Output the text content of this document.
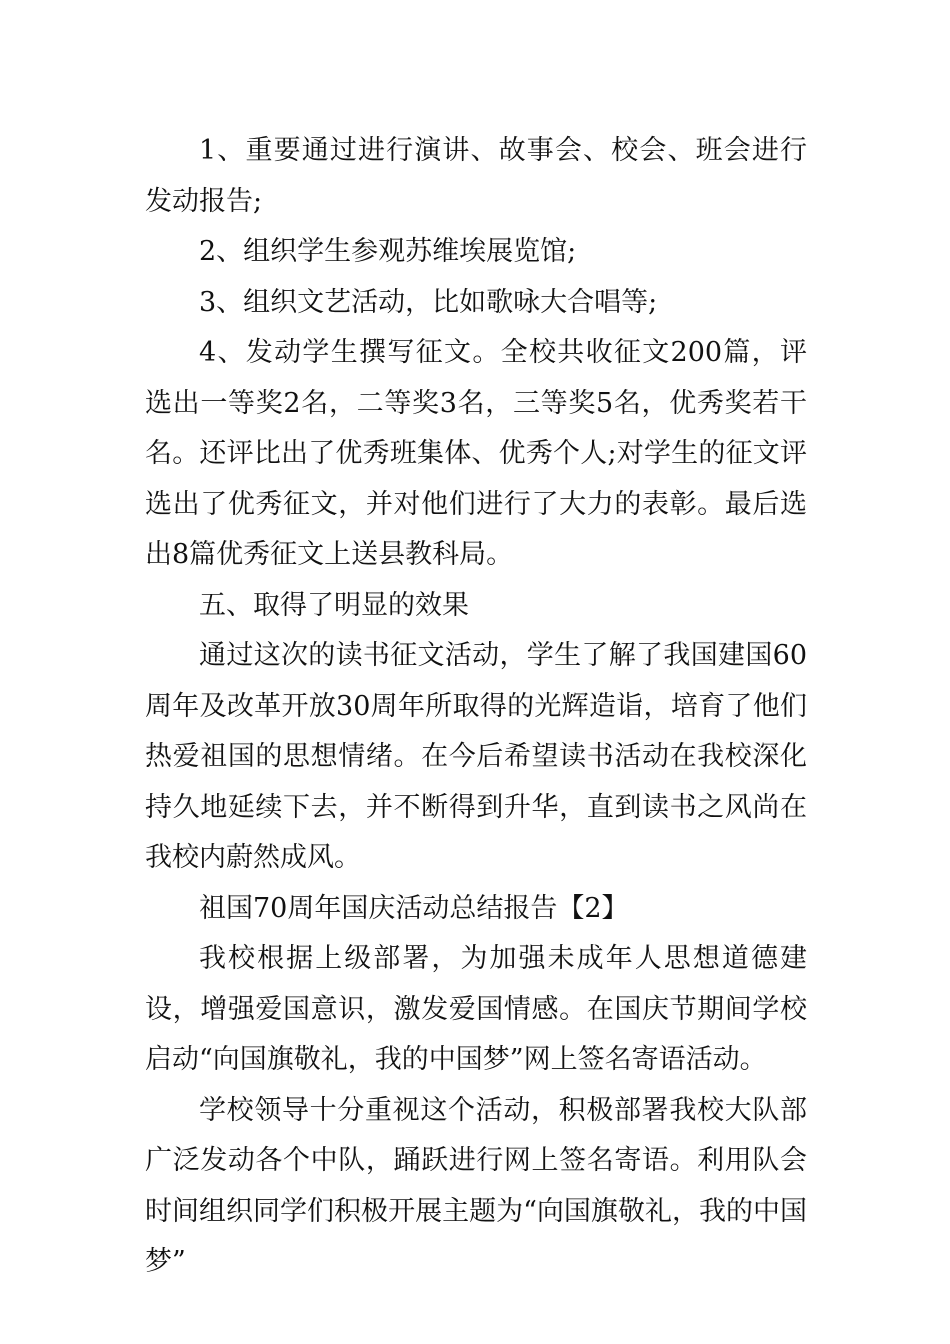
1、重要通过进行演讲、故事会、校会、班会进行发动报告;

2、组织学生参观苏维埃展览馆;

3、组织文艺活动，比如歌咏大合唱等;

4、发动学生撰写征文。全校共收征文200篇，评选出一等奖2名，二等奖3名，三等奖5名，优秀奖若干名。还评比出了优秀班集体、优秀个人;对学生的征文评选出了优秀征文，并对他们进行了大力的表彰。最后选出8篇优秀征文上送县教科局。

五、取得了明显的效果

通过这次的读书征文活动，学生了解了我国建国60周年及改革开放30周年所取得的光辉造诣，培育了他们热爱祖国的思想情绪。在今后希望读书活动在我校深化持久地延续下去，并不断得到升华，直到读书之风尚在我校内蔚然成风。

祖国70周年国庆活动总结报告【2】

我校根据上级部署，为加强未成年人思想道德建设，增强爱国意识，激发爱国情感。在国庆节期间学校启动“向国旗敬礼，我的中国梦”网上签名寄语活动。

学校领导十分重视这个活动，积极部署我校大队部广泛发动各个中队，踊跃进行网上签名寄语。利用队会时间组织同学们积极开展主题为“向国旗敬礼，我的中国梦”
